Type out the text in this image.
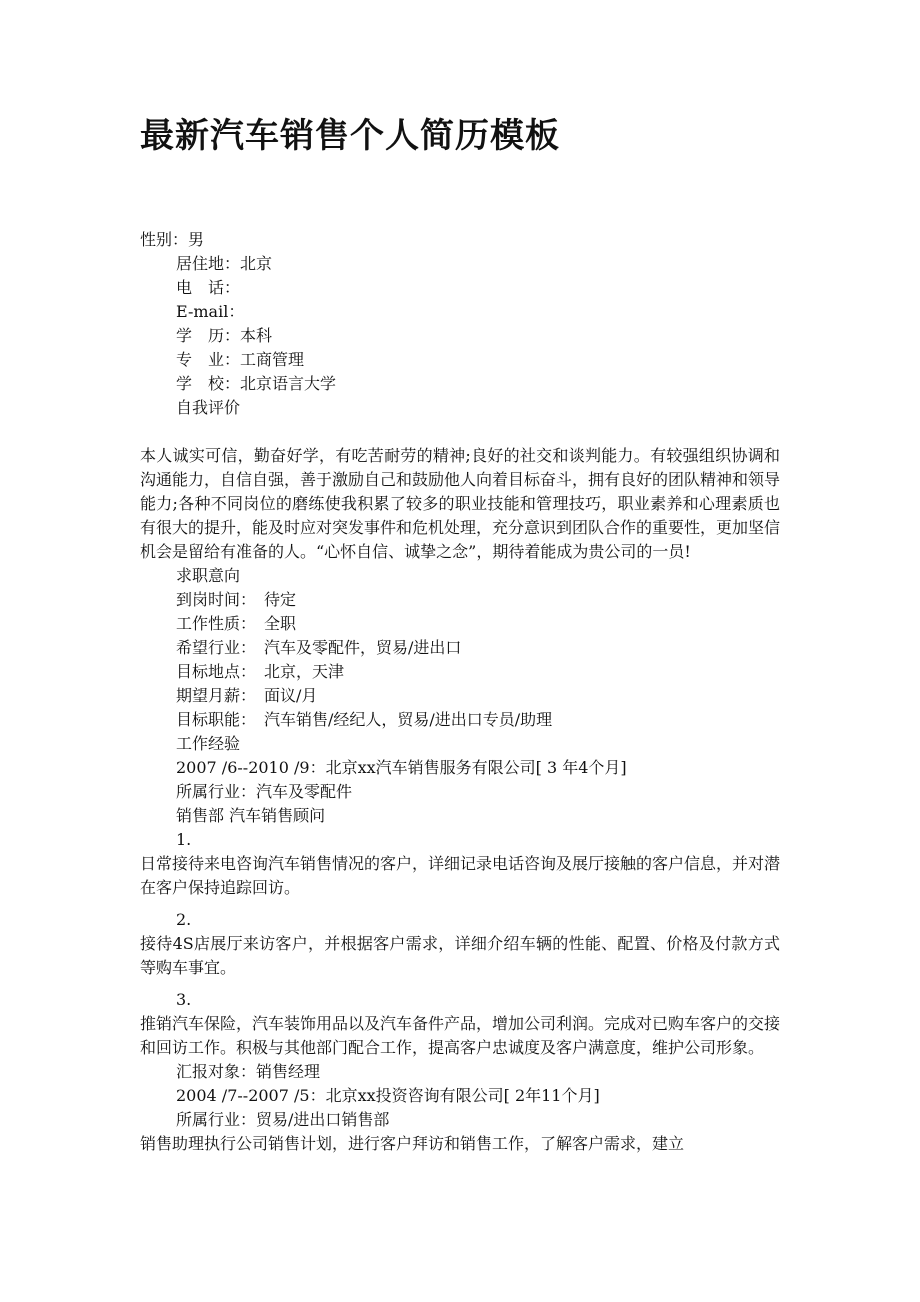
最新汽车销售个人简历模板

性别：男

居住地：北京

电　话：

E-mail：

学　历：本科

专　业：工商管理

学　校：北京语言大学

自我评价

本人诚实可信，勤奋好学，有吃苦耐劳的精神;良好的社交和谈判能力。有较强组织协调和沟通能力，自信自强，善于激励自己和鼓励他人向着目标奋斗，拥有良好的团队精神和领导能力;各种不同岗位的磨练使我积累了较多的职业技能和管理技巧，职业素养和心理素质也有很大的提升，能及时应对突发事件和危机处理，充分意识到团队合作的重要性，更加坚信机会是留给有准备的人。“心怀自信、诚挚之念”，期待着能成为贵公司的一员!

求职意向

到岗时间：　待定

工作性质：　全职

希望行业：　汽车及零配件，贸易/进出口

目标地点：　北京，天津

期望月薪：　面议/月

目标职能：　汽车销售/经纪人，贸易/进出口专员/助理

工作经验

2007 /6--2010 /9：北京xx汽车销售服务有限公司[ 3 年4个月]

所属行业：汽车及零配件

销售部 汽车销售顾问

1.

日常接待来电咨询汽车销售情况的客户，详细记录电话咨询及展厅接触的客户信息，并对潜在客户保持追踪回访。

2.

接待4S店展厅来访客户，并根据客户需求，详细介绍车辆的性能、配置、价格及付款方式等购车事宜。

3.

推销汽车保险，汽车装饰用品以及汽车备件产品，增加公司利润。完成对已购车客户的交接和回访工作。积极与其他部门配合工作，提高客户忠诚度及客户满意度，维护公司形象。

汇报对象：销售经理

2004 /7--2007 /5：北京xx投资咨询有限公司[ 2年11个月]

所属行业：贸易/进出口销售部

销售助理执行公司销售计划，进行客户拜访和销售工作，了解客户需求，建立
